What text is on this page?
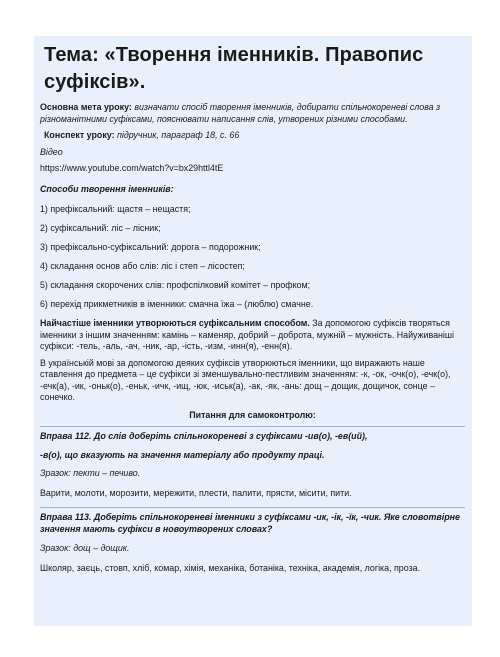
Тема: «Творення іменників. Правопис суфіксів».

Основна мета уроку: визначати спосіб творення іменників, добирати спільнокореневі слова з різноманітними суфіксами, пояснювати написання слів, утворених різними способами.

Конспект уроку: підручник, параграф 18, с. 66

Відео

https://www.youtube.com/watch?v=bx29httl4tE

Способи творення іменників:

1) префіксальний: щастя – нещастя;

2) суфіксальний: ліс – лісник;

3) префіксально-суфіксальний: дорога – подорожник;

4) складання основ або слів: ліс і степ – лісостеп;

5) складання скорочених слів: профспілковий комітет – профком;

6) перехід прикметників в іменники: смачна їжа – (люблю) смачне.

Найчастіше іменники утворюються суфіксальним способом. За допомогою суфіксів творяться іменники з іншим значенням: камінь – каменяр, добрий – доброта, мужній – мужність. Найуживаніші суфікси: -тель, -аль, -ач, -ник, -ар, -ість, -изм, -инн(я), -енн(я).

В українській мові за допомогою деяких суфіксів утворюються іменники, що виражають наше ставлення до предмета – це суфікси зі зменшувально-пестливим значенням: -к, -ок, -очк(о), -ечк(о), -ечк(а), -ик, -оньк(о), -еньк, -ичк, -ищ, -юк, -иськ(а), -ак, -як, -ань: дощ – дощик, дощичок, сонце – сонечко.

Питання для самоконтролю:

Вправа 112. До слів доберіть спільнокореневі з суфіксами -ив(о), -ев(ий),

-в(о), що вказують на значення матеріалу або продукту праці.

Зразок: пекти – печиво.

Варити, молоти, морозити, мережити, плести, палити, прясти, місити, пити.

Вправа 113. Доберіть спільнокореневі іменники з суфіксами -ик, -ік, -їк, -чик. Яке словотвірне значення мають суфікси в новоутворених словах?

Зразок: дощ – дощик.

Школяр, заєць, стовп, хліб, комар, хімія, механіка, ботаніка, техніка, академія, логіка, проза.
